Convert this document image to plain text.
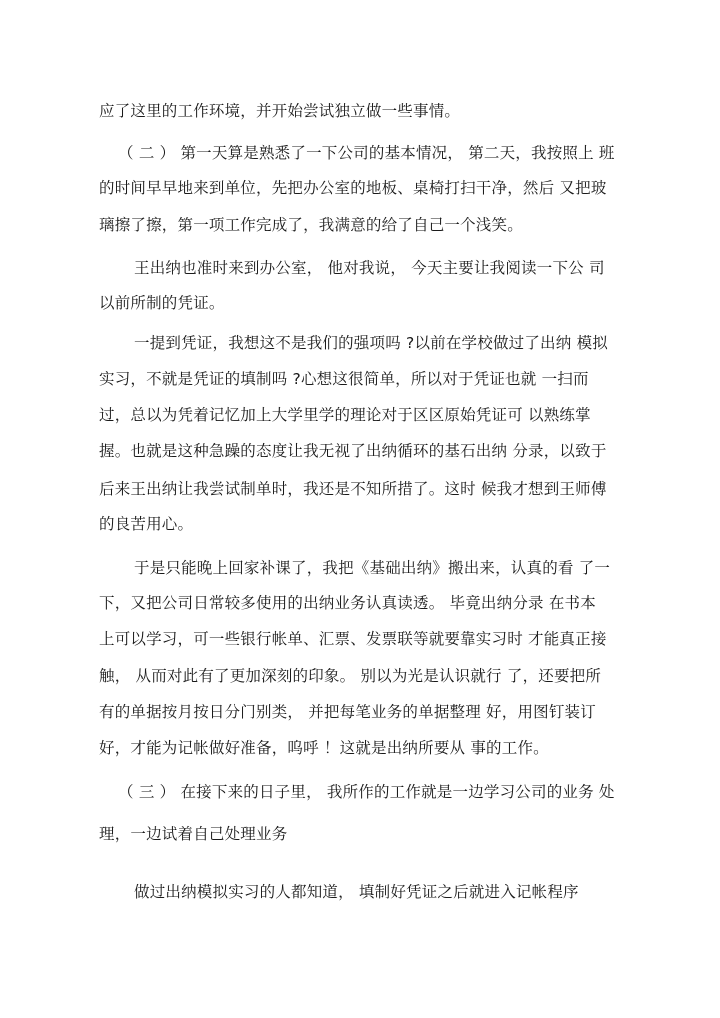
应了这里的工作环境，并开始尝试独立做一些事情。
（ 二 ） 第一天算是熟悉了一下公司的基本情况， 第二天，我按照上 班
的时间早早地来到单位，先把办公室的地板、桌椅打扫干净，然后 又把玻
璃擦了擦，第一项工作完成了，我满意的给了自己一个浅笑。
王出纳也准时来到办公室， 他对我说， 今天主要让我阅读一下公 司
以前所制的凭证。
一提到凭证，我想这不是我们的强项吗 ?以前在学校做过了出纳 模拟
实习，不就是凭证的填制吗 ?心想这很简单，所以对于凭证也就 一扫而
过，总以为凭着记忆加上大学里学的理论对于区区原始凭证可 以熟练掌
握。也就是这种急躁的态度让我无视了出纳循环的基石出纳 分录，以致于
后来王出纳让我尝试制单时，我还是不知所措了。这时 候我才想到王师傅
的良苦用心。
于是只能晚上回家补课了，我把《基础出纳》搬出来，认真的看 了一
下，又把公司日常较多使用的出纳业务认真读透。 毕竟出纳分录 在书本
上可以学习，可一些银行帐单、汇票、发票联等就要靠实习时 才能真正接
触， 从而对此有了更加深刻的印象。 别以为光是认识就行 了，还要把所
有的单据按月按日分门别类， 并把每笔业务的单据整理 好，用图钉装订
好，才能为记帐做好准备，呜呼 ！这就是出纳所要从 事的工作。
（ 三 ） 在接下来的日子里， 我所作的工作就是一边学习公司的业务 处
理，一边试着自己处理业务
做过出纳模拟实习的人都知道， 填制好凭证之后就进入记帐程序
